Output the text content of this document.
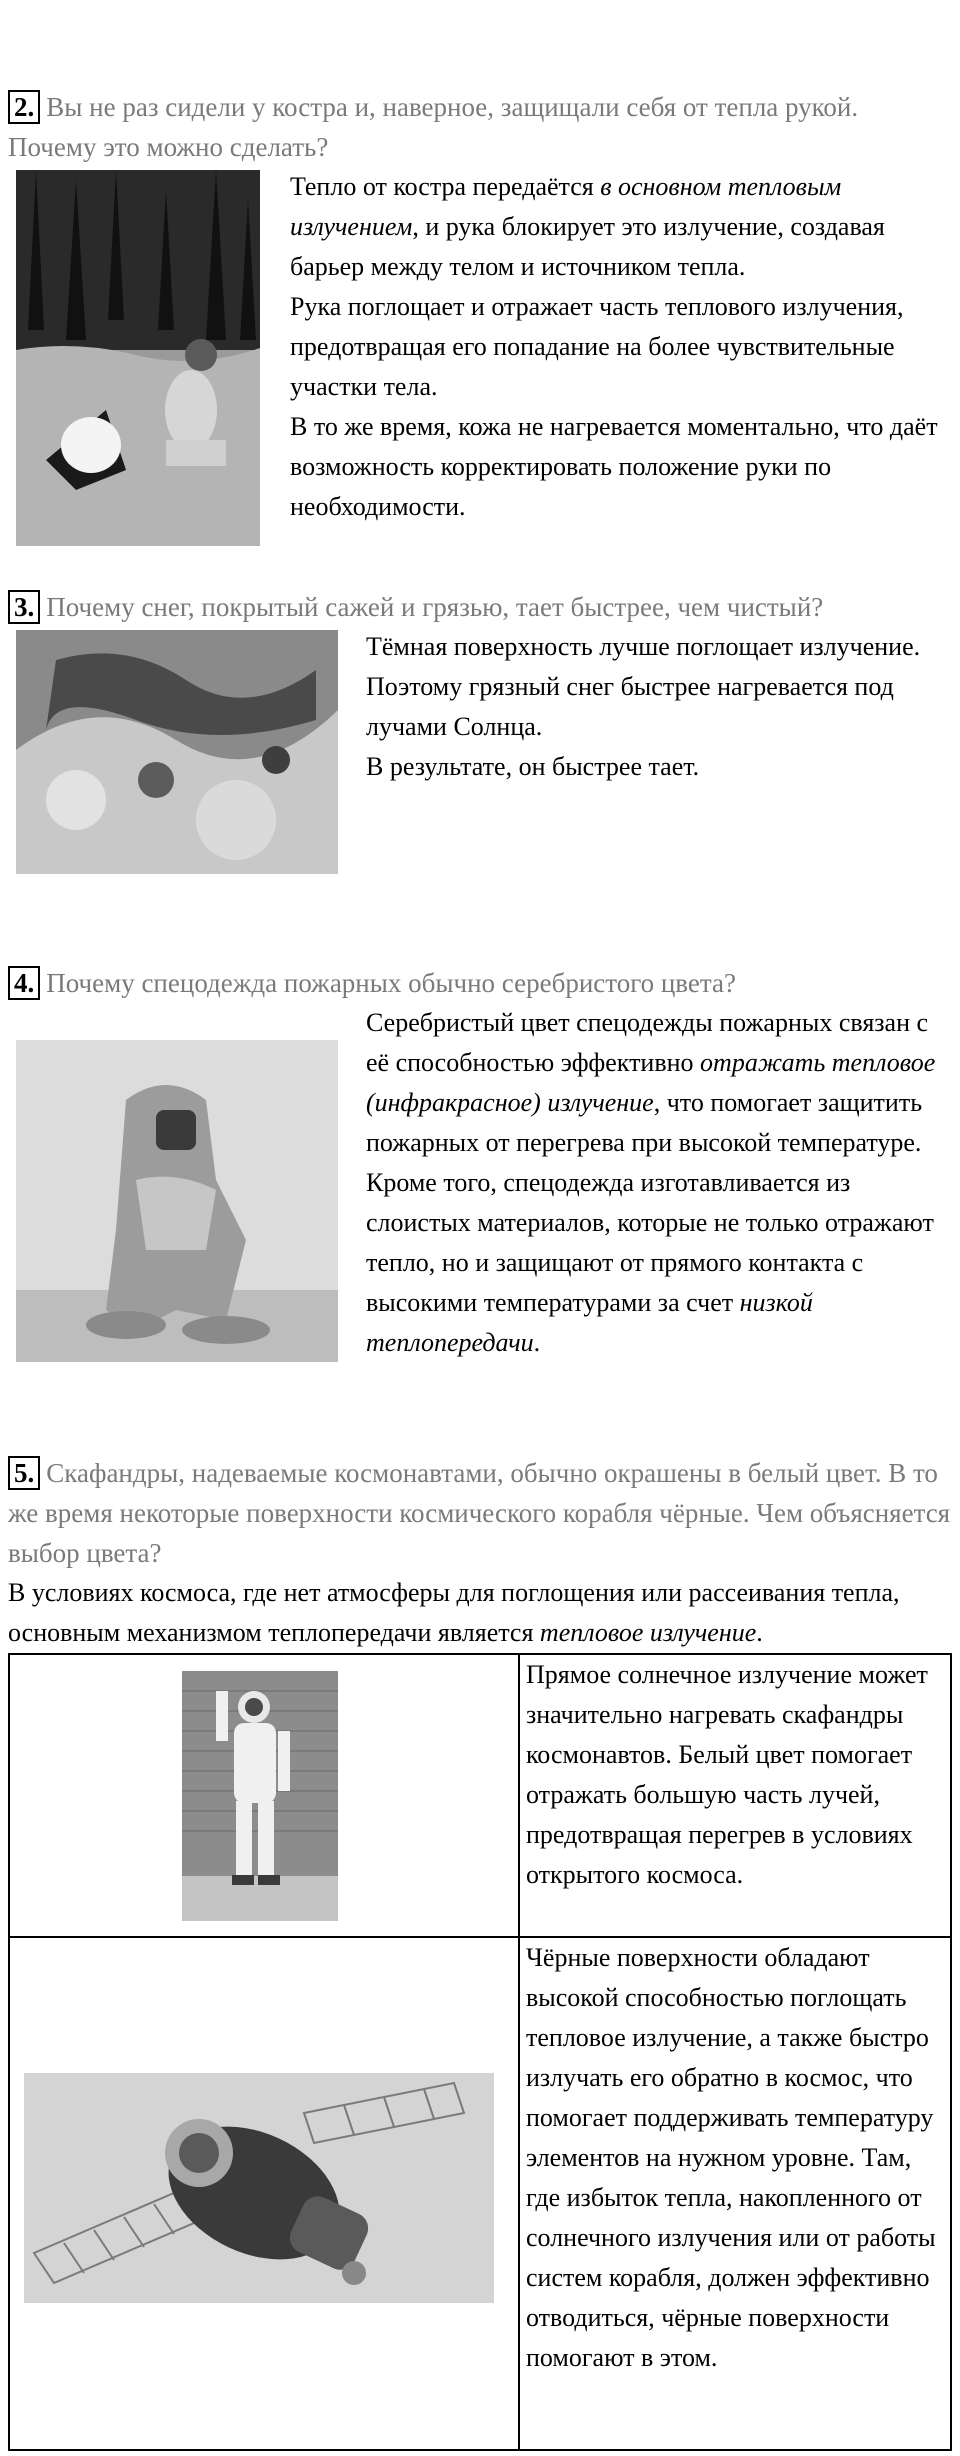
2. Вы не раз сидели у костра и, наверное, защищали себя от тепла рукой. Почему это можно сделать?

Тепло от костра передаётся в основном тепловым излучением, и рука блокирует это излучение, создавая барьер между телом и источником тепла.

Рука поглощает и отражает часть теплового излучения, предотвращая его попадание на более чувствительные участки тела.

В то же время, кожа не нагревается моментально, что даёт возможность корректировать положение руки по необходимости.

3. Почему снег, покрытый сажей и грязью, тает быстрее, чем чистый?

Тёмная поверхность лучше поглощает излучение.

Поэтому грязный снег быстрее нагревается под лучами Солнца.

В результате, он быстрее тает.

4. Почему спецодежда пожарных обычно серебристого цвета?

Серебристый цвет спецодежды пожарных связан с её способностью эффективно отражать тепловое (инфракрасное) излучение, что помогает защитить пожарных от перегрева при высокой температуре.

Кроме того, спецодежда изготавливается из слоистых материалов, которые не только отражают тепло, но и защищают от прямого контакта с высокими температурами за счет низкой теплопередачи.

5. Скафандры, надеваемые космонавтами, обычно окрашены в белый цвет. В то же время некоторые поверхности космического корабля чёрные. Чем объясняется выбор цвета?

В условиях космоса, где нет атмосферы для поглощения или рассеивания тепла, основным механизмом теплопередачи является тепловое излучение.

	Прямое солнечное излучение может значительно нагревать скафандры космонавтов. Белый цвет помогает отражать большую часть лучей, предотвращая перегрев в условиях открытого космоса.

	Чёрные поверхности обладают высокой способностью поглощать тепловое излучение, а также быстро излучать его обратно в космос, что помогает поддерживать температуру элементов на нужном уровне. Там, где избыток тепла, накопленного от солнечного излучения или от работы систем корабля, должен эффективно отводиться, чёрные поверхности помогают в этом.
